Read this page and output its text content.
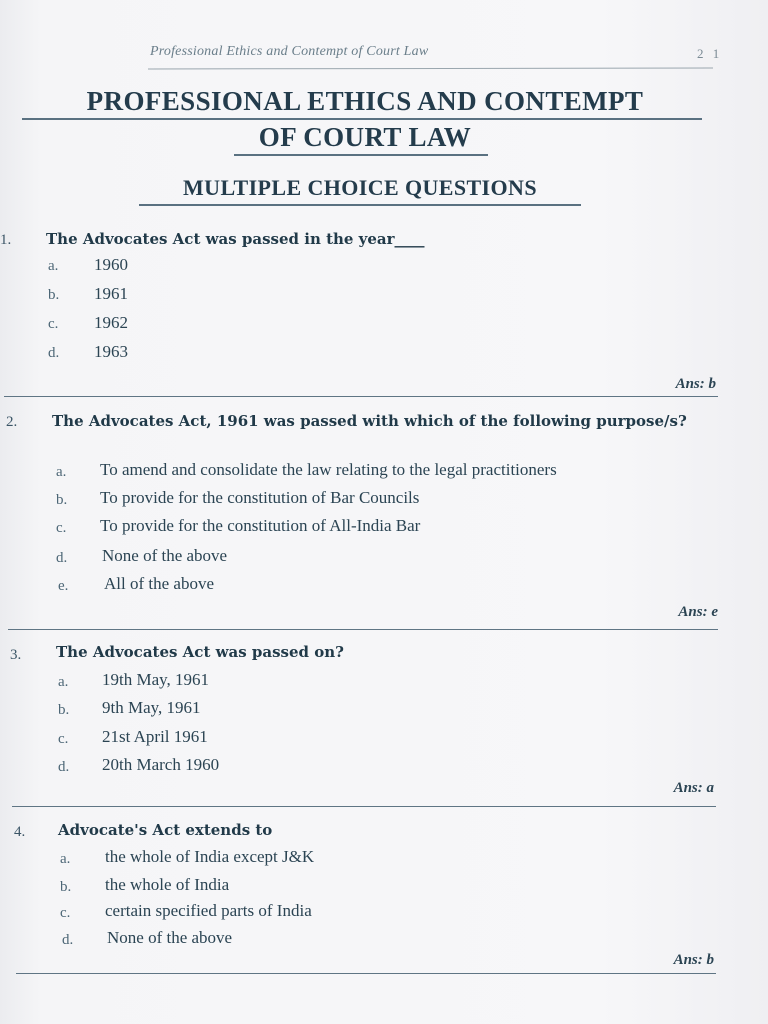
Professional Ethics and Contempt of Court Law	2 1
PROFESSIONAL ETHICS AND CONTEMPT
OF COURT LAW
MULTIPLE CHOICE QUESTIONS
1. The Advocates Act was passed in the year____
a. 1960
b. 1961
c. 1962
d. 1963
Ans: b
2. The Advocates Act, 1961 was passed with which of the following purpose/s?
a. To amend and consolidate the law relating to the legal practitioners
b. To provide for the constitution of Bar Councils
c. To provide for the constitution of All-India Bar
d. None of the above
e. All of the above
Ans: e
3. The Advocates Act was passed on?
a. 19th May, 1961
b. 9th May, 1961
c. 21st April 1961
d. 20th March 1960
Ans: a
4. Advocate's Act extends to
a. the whole of India except J&K
b. the whole of India
c. certain specified parts of India
d. None of the above
Ans: b
